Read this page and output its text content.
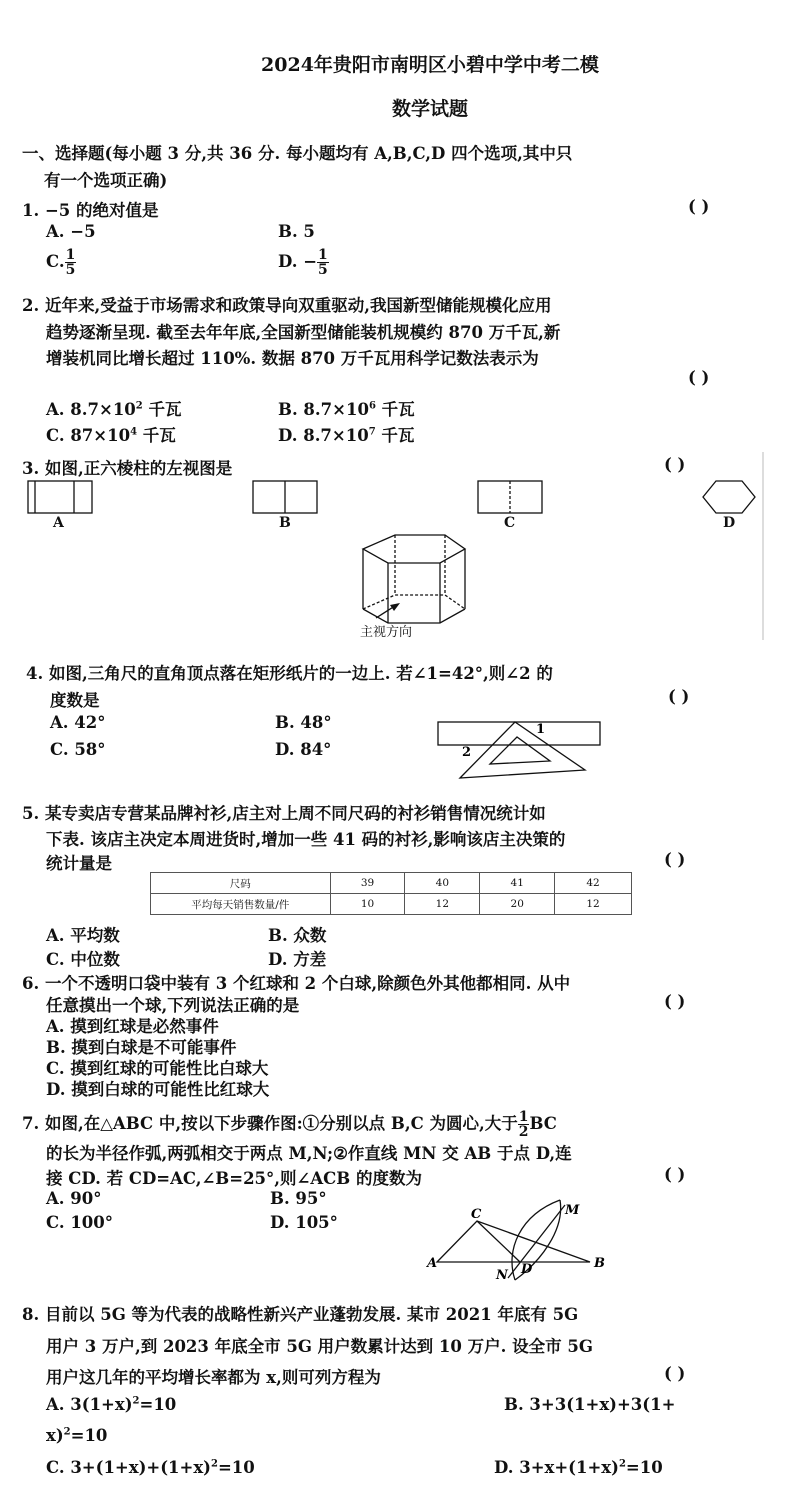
2024年贵阳市南明区小碧中学中考二模
数学试题
一、选择题(每小题 3 分,共 36 分. 每小题均有 A,B,C,D 四个选项,其中只
有一个选项正确)
1. −5 的绝对值是	( )
A. −5	B. 5
C. $\frac{1}{5}$	D. − $\frac{1}{5}$
2. 近年来,受益于市场需求和政策导向双重驱动,我国新型储能规模化应用
趋势逐渐呈现. 截至去年年底,全国新型储能装机规模约 870 万千瓦,新
增装机同比增长超过 110%. 数据 870 万千瓦用科学记数法表示为
( )
A. $8.7\times 10^2$ 千瓦	B. $8.7\times 10^6$ 千瓦
C. $87\times 10^4$ 千瓦	D. $8.7\times 10^7$ 千瓦
3. 如图,正六棱柱的左视图是	( )
A	B	C	D
主视方向
4. 如图,三角尺的直角顶点落在矩形纸片的一边上. 若∠1=42°,则∠2 的
度数是	( )
A. 42°	B. 48°
C. 58°	D. 84°
1
2
5. 某专卖店专营某品牌衬衫,店主对上周不同尺码的衬衫销售情况统计如
下表. 该店主决定本周进货时,增加一些 41 码的衬衫,影响该店主决策的
统计量是	( )
尺码	39	40	41	42
平均每天销售数量/件	10	12	20	12
A. 平均数	B. 众数
C. 中位数	D. 方差
6. 一个不透明口袋中装有 3 个红球和 2 个白球,除颜色外其他都相同. 从中
任意摸出一个球,下列说法正确的是	( )
A. 摸到红球是必然事件
B. 摸到白球是不可能事件
C. 摸到红球的可能性比白球大
D. 摸到白球的可能性比红球大
7. 如图,在△ABC 中,按以下步骤作图:①分别以点 B,C 为圆心,大于 $\frac{1}{2}$ BC
的长为半径作弧,两弧相交于两点 M,N;②作直线 MN 交 AB 于点 D,连
接 CD. 若 CD=AC,∠B=25°,则∠ACB 的度数为	( )
A. 90°	B. 95°
C. 100°	D. 105°
A
C
B
D
M
N
8. 目前以 5G 等为代表的战略性新兴产业蓬勃发展. 某市 2021 年底有 5G
用户 3 万户,到 2023 年底全市 5G 用户数累计达到 10 万户. 设全市 5G
用户这几年的平均增长率都为 x,则可列方程为	( )
A. $3(1+x)^2=10$	B. 3+3(1+x)+3(1+
x)$^2$=10
C. $3+(1+x)+(1+x)^2=10$	D. $3+x+(1+x)^2=10$
